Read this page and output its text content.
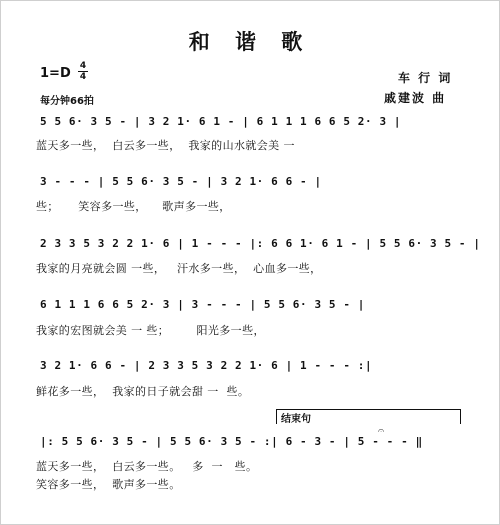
和 谐 歌
$1=D \frac{4}{4}$
每分钟66拍
车 行 词
戚建波 曲
5 5 6· 3 5 - | 3 2 1· 6 1 - | 6 1 1 1 6 6 5 2· 3 |
蓝天多一些，  白云多一些，  我家的山水就会美 一
3 - - - | 5 5 6· 3 5 - | 3 2 1· 6 6 - |
些；     笑容多一些，    歌声多一些，
2 3 3 5 3 2 2 1· 6 | 1 - - - |: 6 6 1· 6 1 - | 5 5 6· 3 5 - |
我家的月亮就会圆 一些，   汗水多一些，  心血多一些，
6 1 1 1 6 6 5 2· 3 | 3 - - - | 5 5 6· 3 5 - |
我家的宏图就会美 一 些；       阳光多一些，
3 2 1· 6 6 - | 2 3 3 5 3 2 2 1· 6 | 1 - - - :|
鲜花多一些，  我家的日子就会甜 一  些。
结束句
𝄐
|: 5 5 6· 3 5 - | 5 5 6· 3 5 - :| 6 - 3 - | 5 - - - ‖
蓝天多一些，  白云多一些。   多  一   些。
笑容多一些，  歌声多一些。
